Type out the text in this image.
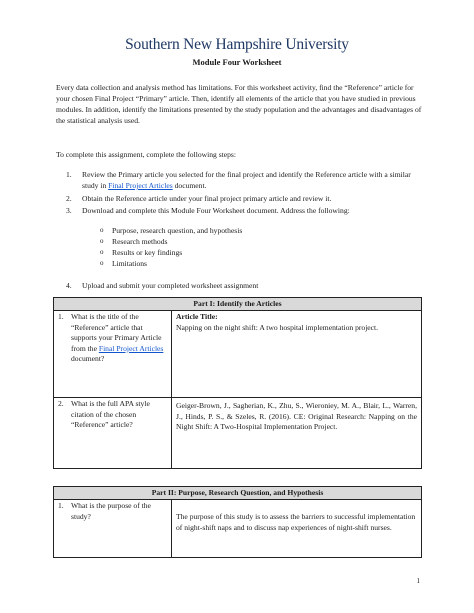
Southern New Hampshire University
Module Four Worksheet
Every data collection and analysis method has limitations. For this worksheet activity, find the “Reference” article for your chosen Final Project “Primary” article. Then, identify all elements of the article that you have studied in previous modules. In addition, identify the limitations presented by the study population and the advantages and disadvantages of the statistical analysis used.
To complete this assignment, complete the following steps:
1. Review the Primary article you selected for the final project and identify the Reference article with a similar study in Final Project Articles document.
2. Obtain the Reference article under your final project primary article and review it.
3. Download and complete this Module Four Worksheet document. Address the following:
o Purpose, research question, and hypothesis
o Research methods
o Results or key findings
o Limitations
4. Upload and submit your completed worksheet assignment
Part I: Identify the Articles	

1. What is the title of the “Reference” article that supports your Primary Article from the Final Project Articles document?	Article Title:
Napping on the night shift: A two hospital implementation project.

2. What is the full APA style citation of the chosen “Reference” article?	Geiger-Brown, J., Sagherian, K., Zhu, S., Wieroniey, M. A., Blair, L., Warren, J., Hinds, P. S., & Szeles, R. (2016). CE: Original Research: Napping on the Night Shift: A Two-Hospital Implementation Project.
Part II: Purpose, Research Question, and Hypothesis

1. What is the purpose of the study?	The purpose of this study is to assess the barriers to successful implementation of night-shift naps and to discuss nap experiences of night-shift nurses.
1
